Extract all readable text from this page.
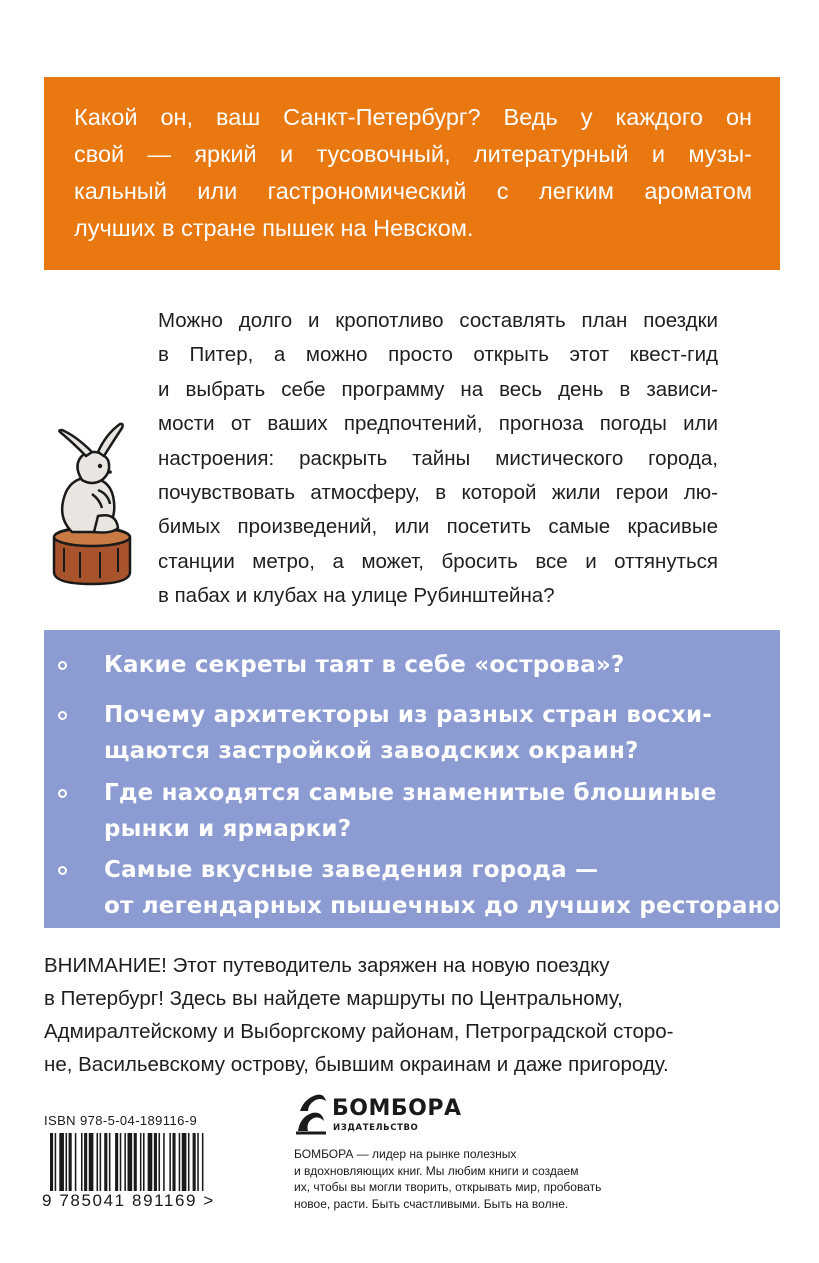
Какой он, ваш Санкт-Петербург? Ведь у каждого он
свой — яркий и тусовочный, литературный и музы-
кальный или гастрономический с легким ароматом
лучших в стране пышек на Невском.
Можно долго и кропотливо составлять план поездки
в Питер, а можно просто открыть этот квест-гид
и выбрать себе программу на весь день в зависи-
мости от ваших предпочтений, прогноза погоды или
настроения: раскрыть тайны мистического города,
почувствовать атмосферу, в которой жили герои лю-
бимых произведений, или посетить самые красивые
станции метро, а может, бросить все и оттянуться
в пабах и клубах на улице Рубинштейна?
Какие секреты таят в себе «острова»?
Почему архитекторы из разных стран восхи-
щаются застройкой заводских окраин?
Где находятся самые знаменитые блошиные
рынки и ярмарки?
Самые вкусные заведения города —
от легендарных пышечных до лучших ресторанов
ВНИМАНИЕ! Этот путеводитель заряжен на новую поездку
в Петербург! Здесь вы найдете маршруты по Центральному,
Адмиралтейскому и Выборгскому районам, Петроградской сторо-
не, Васильевскому острову, бывшим окраинам и даже пригороду.
ISBN 978-5-04-189116-9
9 785041 891169 >
БОМБОРА
ИЗДАТЕЛЬСТВО
БОМБОРА — лидер на рынке полезных
и вдохновляющих книг. Мы любим книги и создаем
их, чтобы вы могли творить, открывать мир, пробовать
новое, расти. Быть счастливыми. Быть на волне.
